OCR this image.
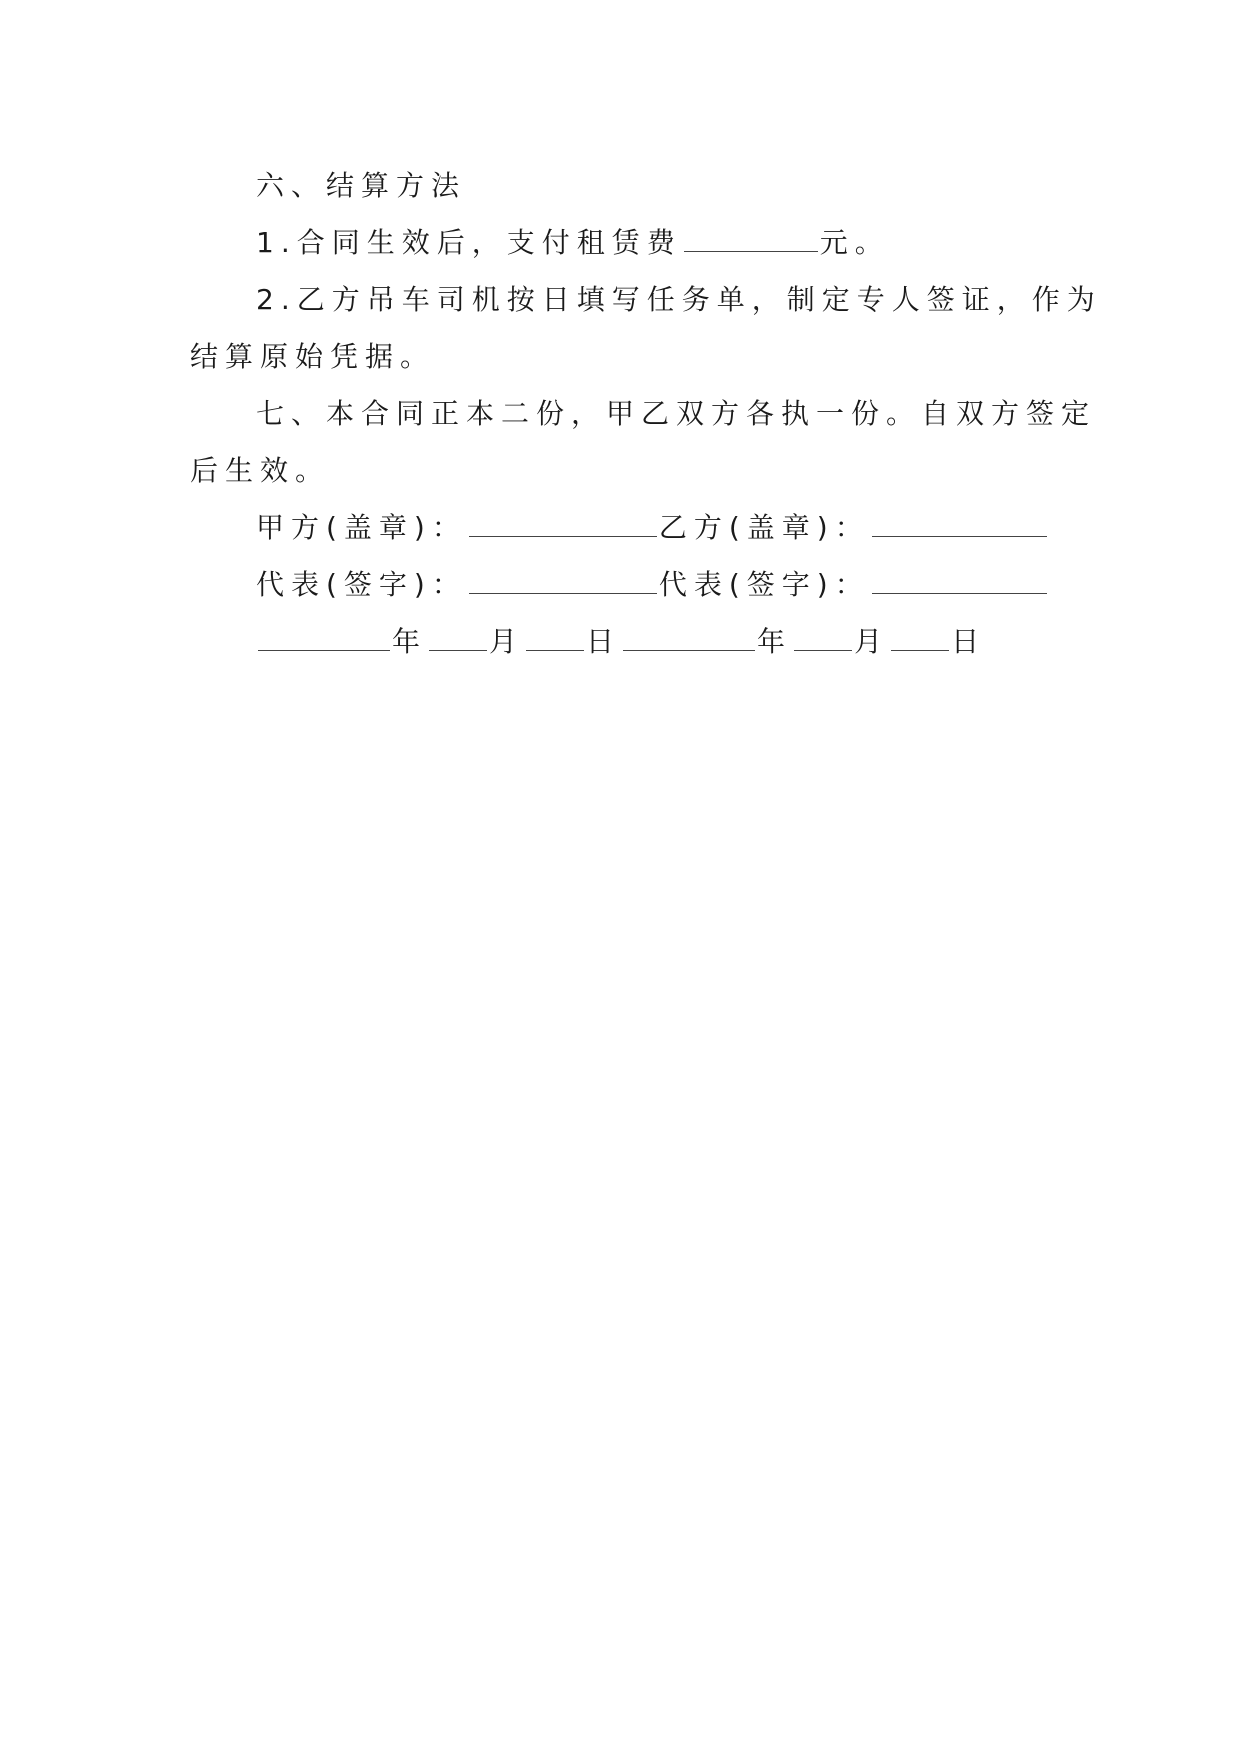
六、结算方法
1.合同生效后，支付租赁费	元。
2.乙方吊车司机按日填写任务单，制定专人签证，作为
结算原始凭据。
七、本合同正本二份，甲乙双方各执一份。自双方签定
后生效。
甲方(盖章)：	乙方(盖章)：
代表(签字)：	代表(签字)：
年 月 日	年 月 日
